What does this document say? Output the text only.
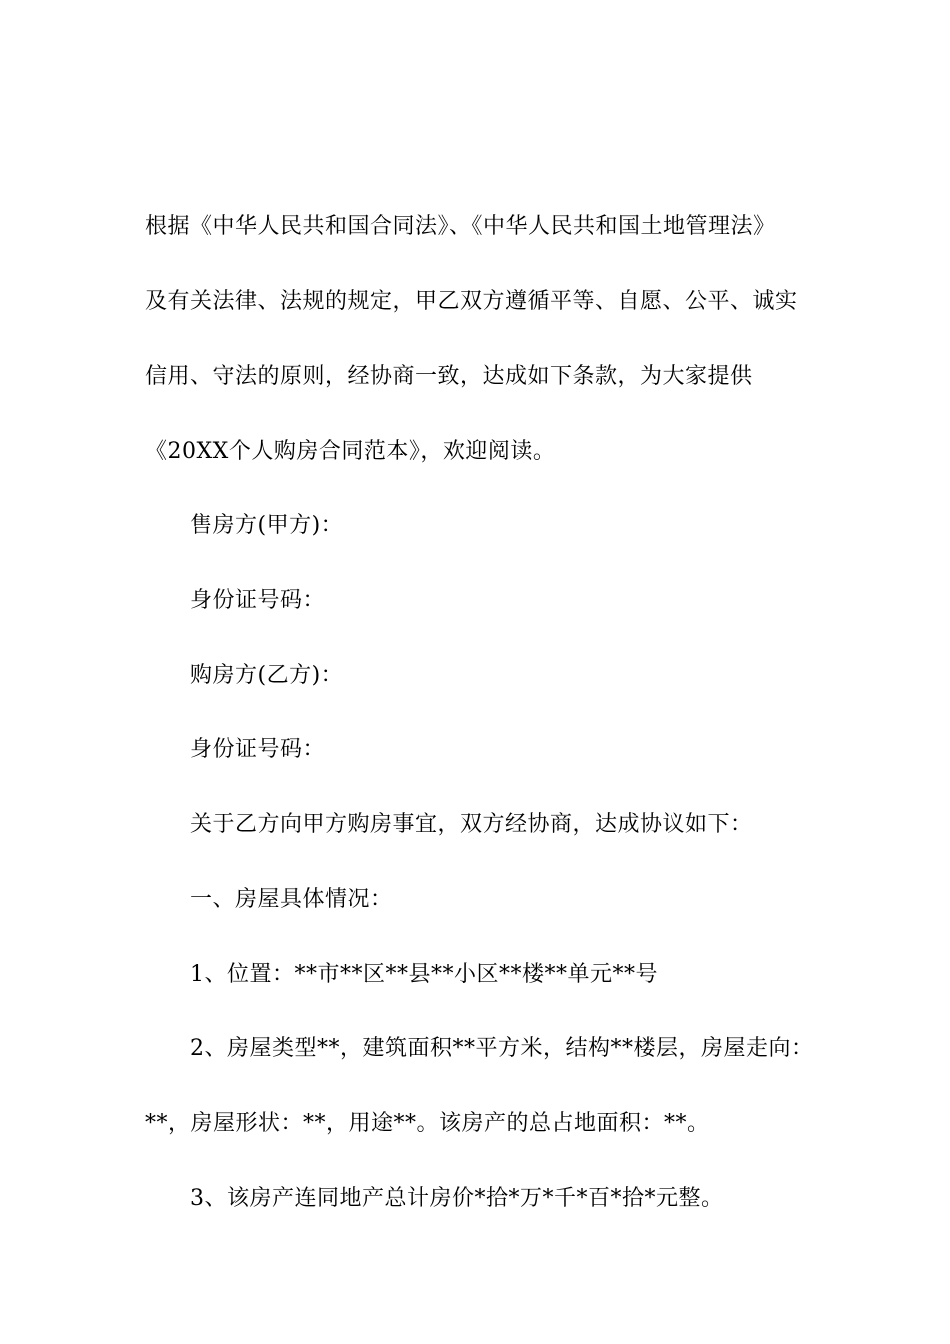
根据《中华人民共和国合同法》、《中华人民共和国土地管理法》
及有关法律、法规的规定，甲乙双方遵循平等、自愿、公平、诚实
信用、守法的原则，经协商一致，达成如下条款，为大家提供
《20XX个人购房合同范本》，欢迎阅读。
售房方(甲方)：
身份证号码：
购房方(乙方)：
身份证号码：
关于乙方向甲方购房事宜，双方经协商，达成协议如下：
一、房屋具体情况：
1、位置：**市**区**县**小区**楼**单元**号
2、房屋类型**，建筑面积**平方米，结构**楼层，房屋走向：
**，房屋形状：**，用途**。该房产的总占地面积：**。
3、该房产连同地产总计房价*拾*万*千*百*拾*元整。
